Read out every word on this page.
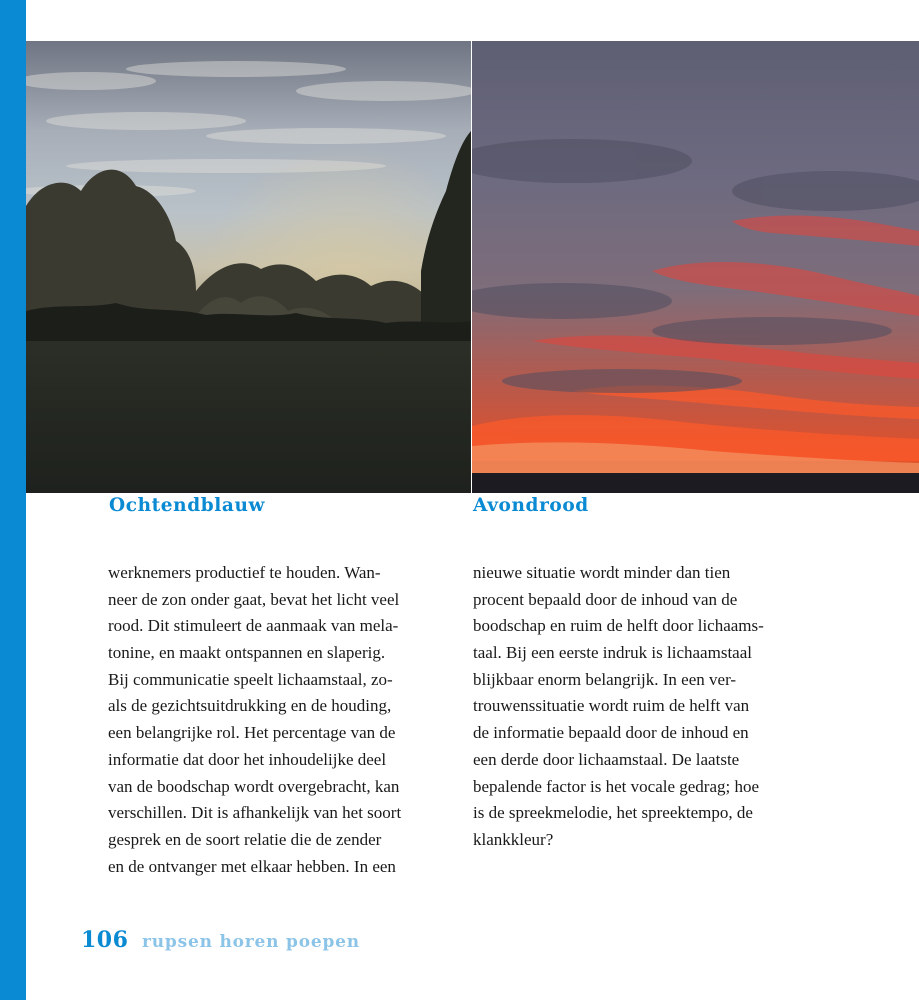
Ochtendblauw	Avondrood
werknemers productief te houden. Wan-
neer de zon onder gaat, bevat het licht veel
rood. Dit stimuleert de aanmaak van mela-
tonine, en maakt ontspannen en slaperig.
Bij communicatie speelt lichaamstaal, zo-
als de gezichtsuitdrukking en de houding,
een belangrijke rol. Het percentage van de
informatie dat door het inhoudelijke deel
van de boodschap wordt overgebracht, kan
verschillen. Dit is afhankelijk van het soort
gesprek en de soort relatie die de zender
en de ontvanger met elkaar hebben. In een
nieuwe situatie wordt minder dan tien
procent bepaald door de inhoud van de
boodschap en ruim de helft door lichaams-
taal. Bij een eerste indruk is lichaamstaal
blijkbaar enorm belangrijk. In een ver-
trouwenssituatie wordt ruim de helft van
de informatie bepaald door de inhoud en
een derde door lichaamstaal. De laatste
bepalende factor is het vocale gedrag; hoe
is de spreekmelodie, het spreektempo, de
klankkleur?
106 rupsen horen poepen
